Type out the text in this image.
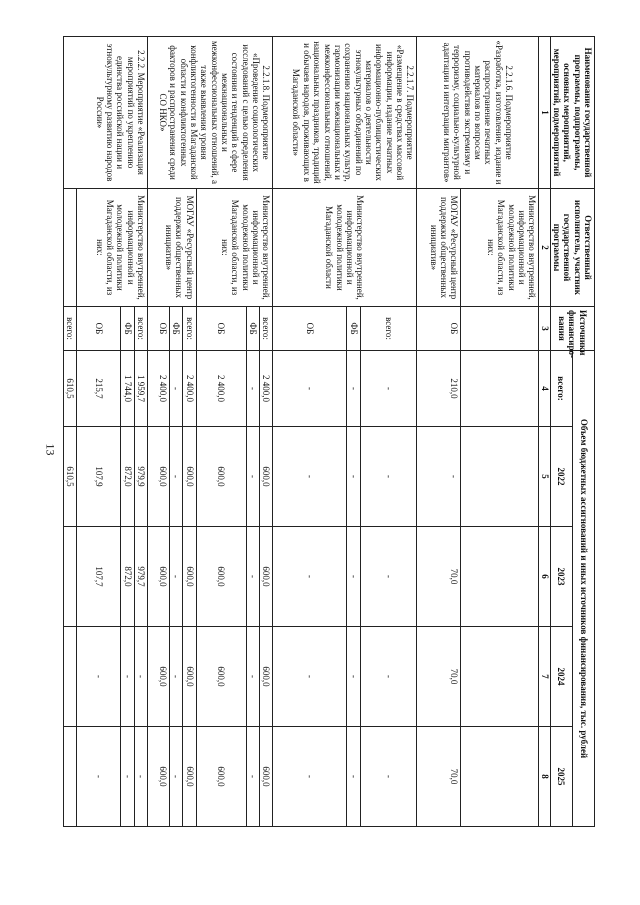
13
Наименование государственной программы, подпрограммы, основных мероприятий, мероприятий, подмероприятий	Ответственный исполнитель, участник государственной программы	Источники финансиро-вания	Объем бюджетных ассигнований и иных источников финансирования, тыс. рублей				
			всего:	2022	2023	2024	2025
1	2	3	4	5	6	7	8
2.2.1.6. Подмероприятие «Разработка, изготовление, издание и распространение печатных материалов по вопросам противодействия экстремизму и терроризму, социально-культурной адаптации и интеграции мигрантов»	Министерство внутренней, информационной и молодежной политики Магаданской области, из них:						
	МОГАУ «Ресурсный центр поддержки общественных инициатив»	ОБ	210,0	-	70,0	70,0	70,0
2.2.1.7. Подмероприятие «Размещение в средствах массовой информации, издание печатных информационно-публицистических материалов о деятельности этнокультурных объединений по сохранению национальных культур, гармонизации межнациональных и межконфессиональных отношений, национальных праздников, традиций и обычаев народов, проживающих в Магаданской области»	Министерство внутренней, информационной и молодежной политики Магаданской области	всего:	-	-	-	-	-
		ФБ	-	-	-	-	-
		ОБ	-	-	-	-	-
2.2.1.8. Подмероприятие «Проведение социологических исследований с целью определения состояния и тенденций в сфере межнациональных и межконфессиональных отношений, а также выявления уровня конфликтогенности в Магаданской области и конфликтогенных факторов и распространения среди СО НКО»	Министерство внутренней, информационной и молодежной политики Магаданской области, из них:	всего:	2 400,0	600,0	600,0	600,0	600,0
		ФБ	-	-	-	-	-
		ОБ	2 400,0	600,0	600,0	600,0	600,0
	МОГАУ «Ресурсный центр поддержки общественных инициатив»	всего:	2 400,0	600,0	600,0	600,0	600,0
		ФБ	-	-	-	-	-
		ОБ	2 400,0	600,0	600,0	600,0	600,0
2.2.2. Мероприятие «Реализация мероприятий по укреплению единства российской нации и этнокультурному развитию народов России»	Министерство внутренней, информационной и молодежной политики Магаданской области, из них:	всего:	1 959,7	979,9	979,7	-	-
		ФБ	1 744,0	872,0	872,0	-	-
		ОБ	215,7	107,9	107,7	-	-
		всего:	610,5	610,5			
